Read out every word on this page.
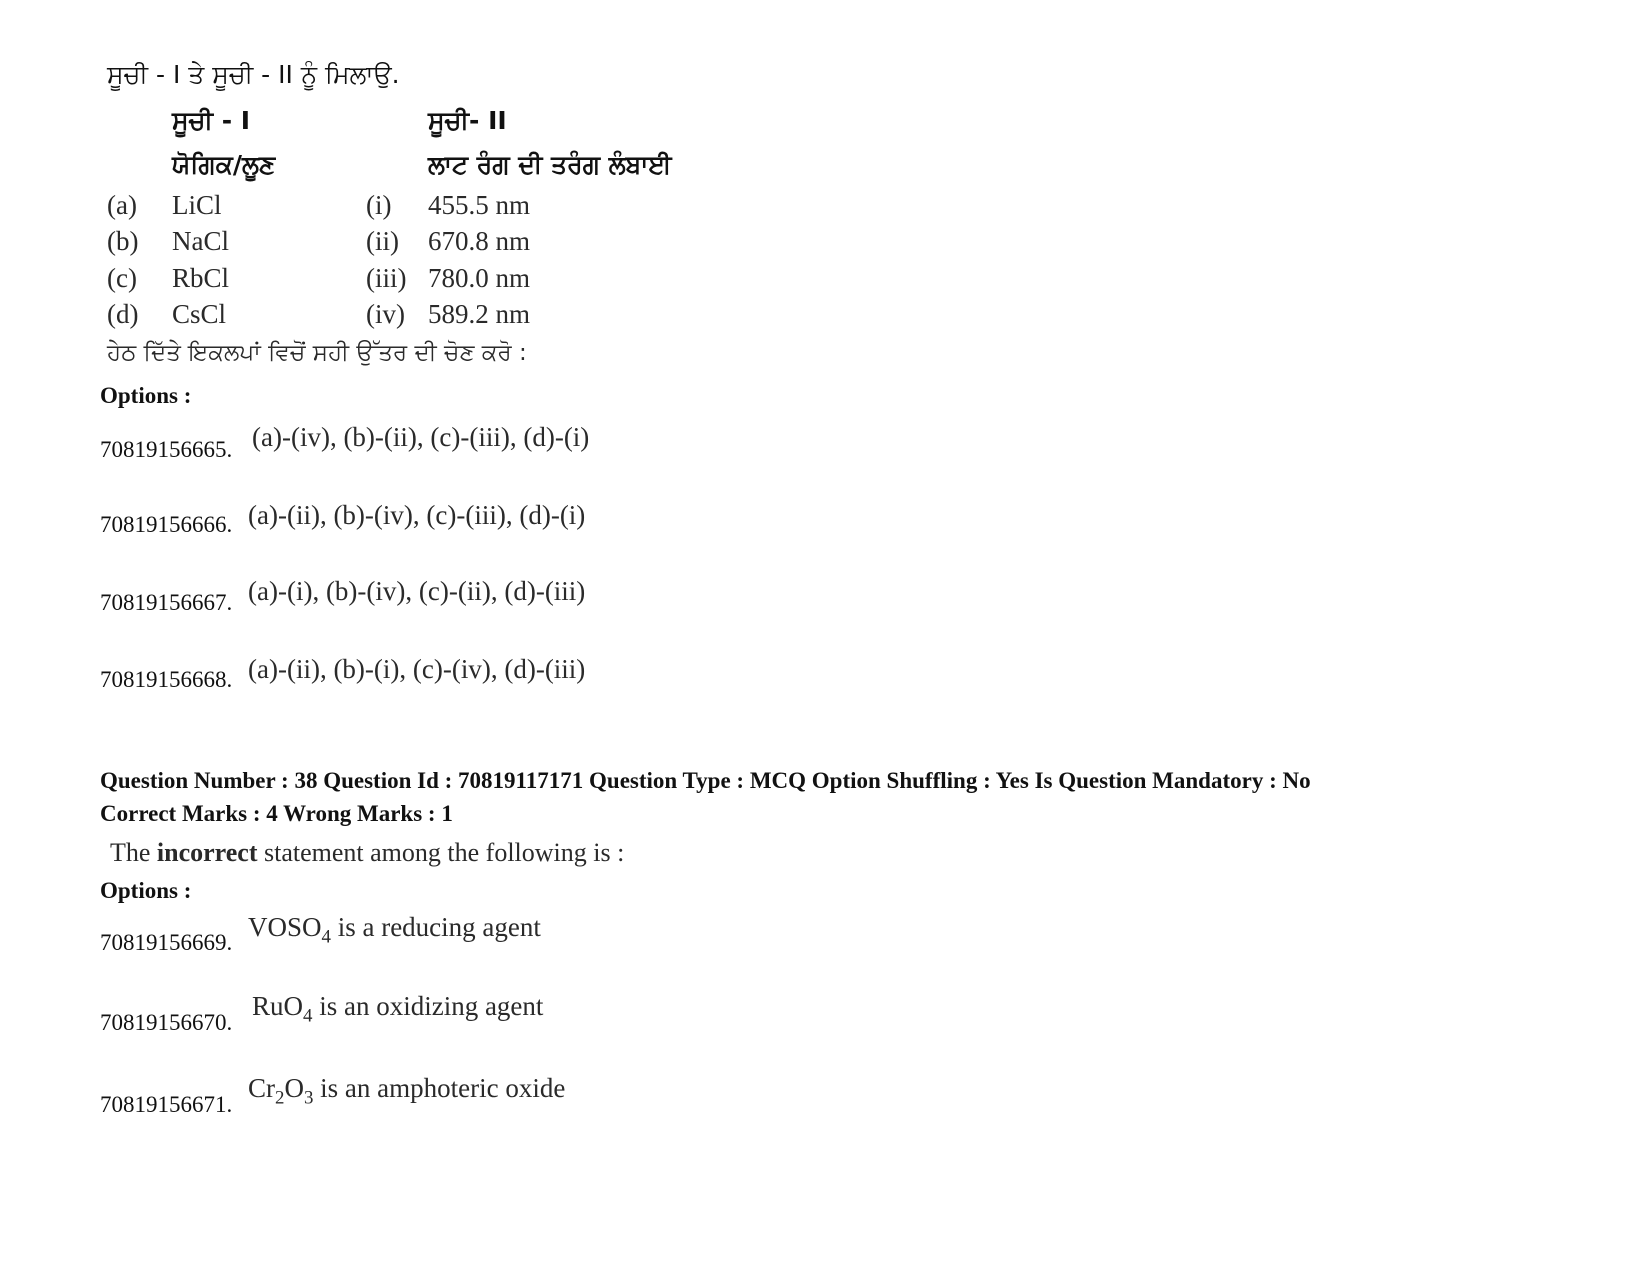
ਸੂਚੀ - I ਤੇ ਸੂਚੀ - II ਨੂੰ ਮਿਲਾਉ.
ਸੂਚੀ - I	ਸੂਚੀ- II
ਯੋਗਿਕ/ਲੂਣ	ਲਾਟ ਰੰਗ ਦੀ ਤਰੰਗ ਲੰਬਾਈ
(a) LiCl	(i) 455.5 nm
(b) NaCl	(ii) 670.8 nm
(c) RbCl	(iii) 780.0 nm
(d) CsCl	(iv) 589.2 nm
ਹੇਠ ਦਿੱਤੇ ਇਕਲਪਾਂ ਵਿਚੋਂ ਸਹੀ ਉੱਤਰ ਦੀ ਚੋਣ ਕਰੋ :
Options :
70819156665. (a)-(iv), (b)-(ii), (c)-(iii), (d)-(i)
70819156666. (a)-(ii), (b)-(iv), (c)-(iii), (d)-(i)
70819156667. (a)-(i), (b)-(iv), (c)-(ii), (d)-(iii)
70819156668. (a)-(ii), (b)-(i), (c)-(iv), (d)-(iii)
Question Number : 38 Question Id : 70819117171 Question Type : MCQ Option Shuffling : Yes Is Question Mandatory : No
Correct Marks : 4 Wrong Marks : 1
The incorrect statement among the following is :
Options :
70819156669.
$VOSO_4$ is a reducing agent
70819156670.
RuO$_4$ is an oxidizing agent
70819156671.
$Cr_2O_3$ is an amphoteric oxide
